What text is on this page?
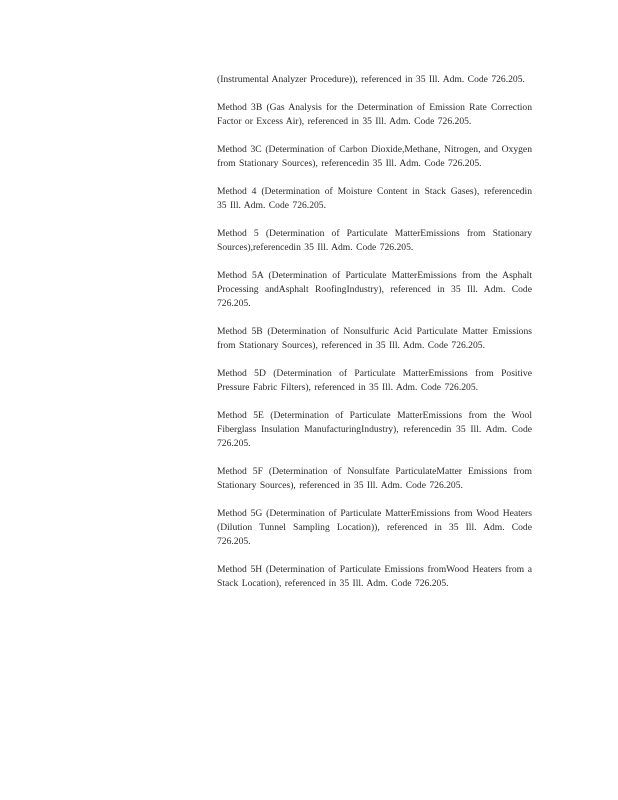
(Instrumental Analyzer Procedure)), referenced in 35 Ill. Adm. Code 726.205.

Method 3B (Gas Analysis for the Determination of Emission Rate Correction Factor or Excess Air), referenced in 35 Ill. Adm. Code 726.205.

Method 3C (Determination of Carbon Dioxide,Methane, Nitrogen, and Oxygen from Stationary Sources), referencedin 35 Ill. Adm. Code 726.205.

Method 4 (Determination of Moisture Content in Stack Gases), referencedin 35 Ill. Adm. Code 726.205.

Method 5 (Determination of Particulate MatterEmissions from Stationary Sources),referencedin 35 Ill. Adm. Code 726.205.

Method 5A (Determination of Particulate MatterEmissions from the Asphalt Processing andAsphalt RoofingIndustry), referenced in 35 Ill. Adm. Code 726.205.

Method 5B (Determination of Nonsulfuric Acid Particulate Matter Emissions from Stationary Sources), referenced in 35 Ill. Adm. Code 726.205.

Method 5D (Determination of Particulate MatterEmissions from Positive Pressure Fabric Filters), referenced in 35 Ill. Adm. Code 726.205.

Method 5E (Determination of Particulate MatterEmissions from the Wool Fiberglass Insulation ManufacturingIndustry), referencedin 35 Ill. Adm. Code 726.205.

Method 5F (Determination of Nonsulfate ParticulateMatter Emissions from Stationary Sources), referenced in 35 Ill. Adm. Code 726.205.

Method 5G (Determination of Particulate MatterEmissions from Wood Heaters (Dilution Tunnel Sampling Location)), referenced in 35 Ill. Adm. Code 726.205.

Method 5H (Determination of Particulate Emissions fromWood Heaters from a Stack Location), referenced in 35 Ill. Adm. Code 726.205.
